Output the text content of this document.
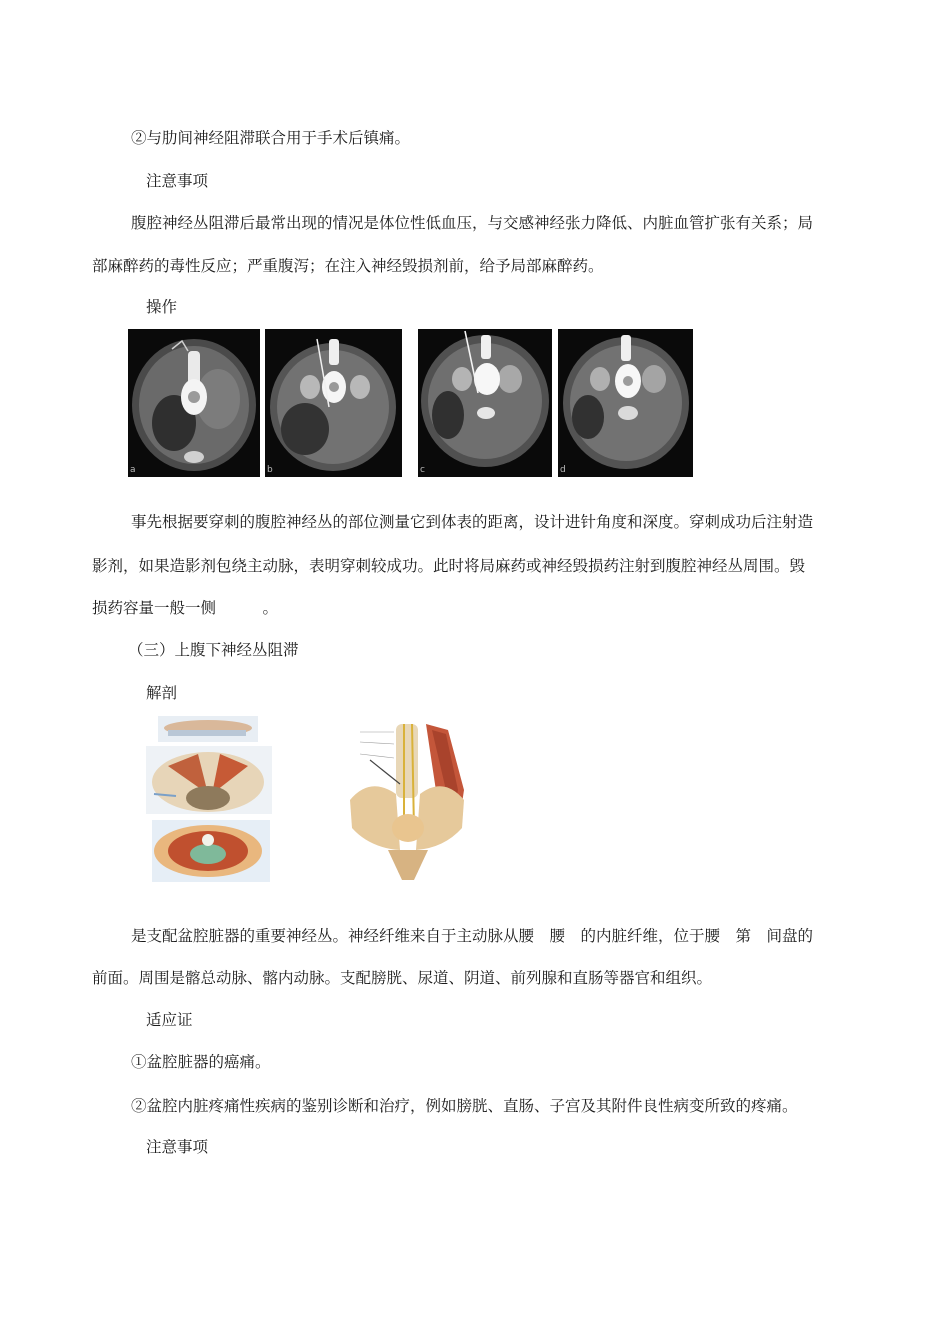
②与肋间神经阻滞联合用于手术后镇痛。
注意事项
腹腔神经丛阻滞后最常出现的情况是体位性低血压，与交感神经张力降低、内脏血管扩张有关系；局
部麻醉药的毒性反应；严重腹泻；在注入神经毁损剂前，给予局部麻醉药。
操作
a	b	c	d
事先根据要穿刺的腹腔神经丛的部位测量它到体表的距离，设计进针角度和深度。穿刺成功后注射造
影剂，如果造影剂包绕主动脉，表明穿刺较成功。此时将局麻药或神经毁损药注射到腹腔神经丛周围。毁
损药容量一般一侧　　　。
（三）上腹下神经丛阻滞
解剖
是支配盆腔脏器的重要神经丛。神经纤维来自于主动脉从腰　腰　的内脏纤维，位于腰　第　间盘的
前面。周围是髂总动脉、髂内动脉。支配膀胱、尿道、阴道、前列腺和直肠等器官和组织。
适应证
①盆腔脏器的癌痛。
②盆腔内脏疼痛性疾病的鉴别诊断和治疗，例如膀胱、直肠、子宫及其附件良性病变所致的疼痛。
注意事项
